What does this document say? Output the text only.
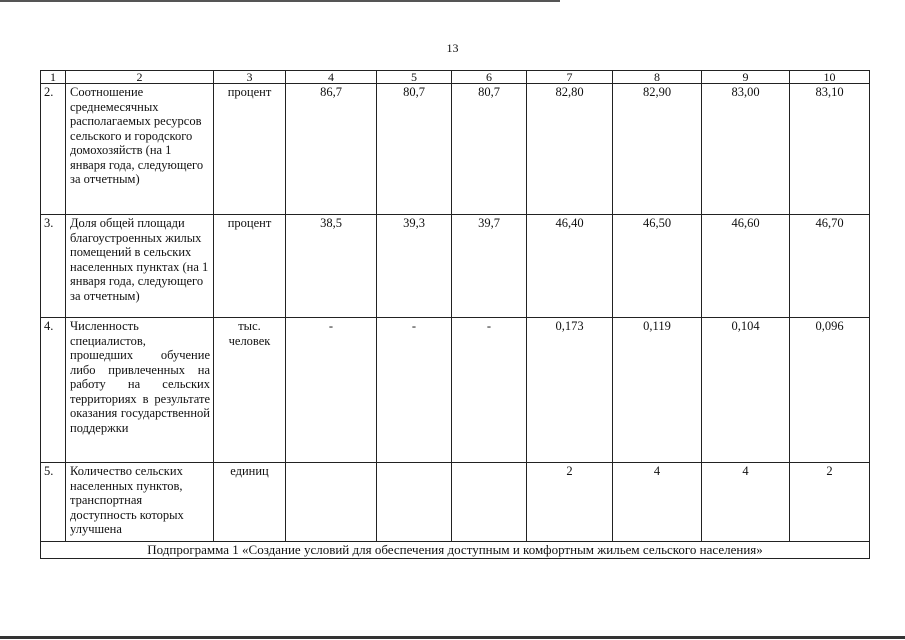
13
1	2	3	4	5	6	7	8	9	10
2.	Соотношение среднемесячных располагаемых ресурсов сельского и городского домохозяйств (на 1 января года, следующего за отчетным)	процент	86,7	80,7	80,7	82,80	82,90	83,00	83,10
3.	Доля общей площади благоустроенных жилых помещений в сельских населенных пунктах (на 1 января года, следующего за отчетным)	процент	38,5	39,3	39,7	46,40	46,50	46,60	46,70
4.	Численность специалистов, прошедших обучение либо привлеченных на работу на сельских территориях в результате оказания государственной поддержки	тыс. человек	-	-	-	0,173	0,119	0,104	0,096
5.	Количество сельских населенных пунктов, транспортная доступность которых улучшена	единиц				2	4	4	2
Подпрограмма 1 «Создание условий для обеспечения доступным и комфортным жильем сельского населения»									
